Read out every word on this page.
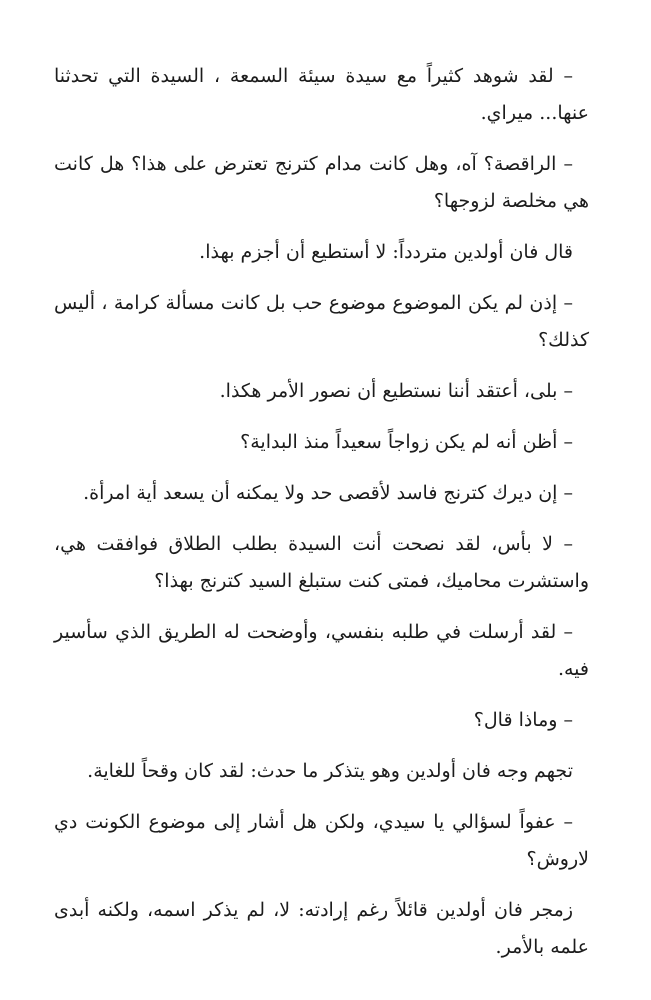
– لقد شوهد كثيراً مع سيدة سيئة السمعة ، السيدة التي تحدثنا عنها... ميراي.

– الراقصة؟ آه، وهل كانت مدام كترنج تعترض على هذا؟ هل كانت هي مخلصة لزوجها؟

قال فان أولدين متردداً: لا أستطيع أن أجزم بهذا.

– إذن لم يكن الموضوع موضوع حب بل كانت مسألة كرامة ، أليس كذلك؟

– بلى، أعتقد أننا نستطيع أن نصور الأمر هكذا.

– أظن أنه لم يكن زواجاً سعيداً منذ البداية؟

– إن ديرك كترنج فاسد لأقصى حد ولا يمكنه أن يسعد أية امرأة.

– لا بأس، لقد نصحت أنت السيدة بطلب الطلاق فوافقت هي، واستشرت محاميك، فمتى كنت ستبلغ السيد كترنج بهذا؟

– لقد أرسلت في طلبه بنفسي، وأوضحت له الطريق الذي سأسير فيه.

– وماذا قال؟

تجهم وجه فان أولدين وهو يتذكر ما حدث: لقد كان وقحاً للغاية.

– عفواً لسؤالي يا سيدي، ولكن هل أشار إلى موضوع الكونت دي لاروش؟

زمجر فان أولدين قائلاً رغم إرادته: لا، لم يذكر اسمه، ولكنه أبدى علمه بالأمر.
